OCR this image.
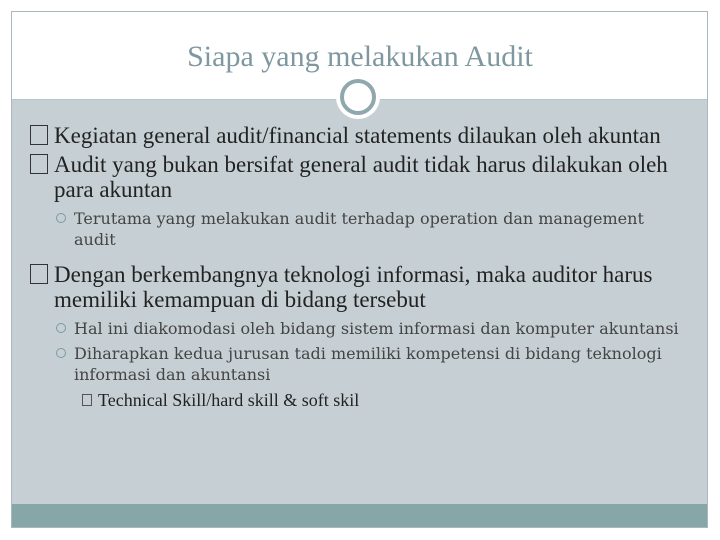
Siapa yang melakukan Audit
Kegiatan general audit/financial statements dilaukan oleh akuntan
Audit yang bukan bersifat general audit tidak harus dilakukan oleh para akuntan
Terutama yang melakukan audit terhadap operation dan management audit
Dengan berkembangnya teknologi informasi, maka auditor harus memiliki kemampuan di bidang tersebut
Hal ini diakomodasi oleh bidang sistem informasi dan komputer akuntansi
Diharapkan kedua jurusan tadi memiliki kompetensi di bidang teknologi informasi dan akuntansi
Technical Skill/hard skill & soft skil
